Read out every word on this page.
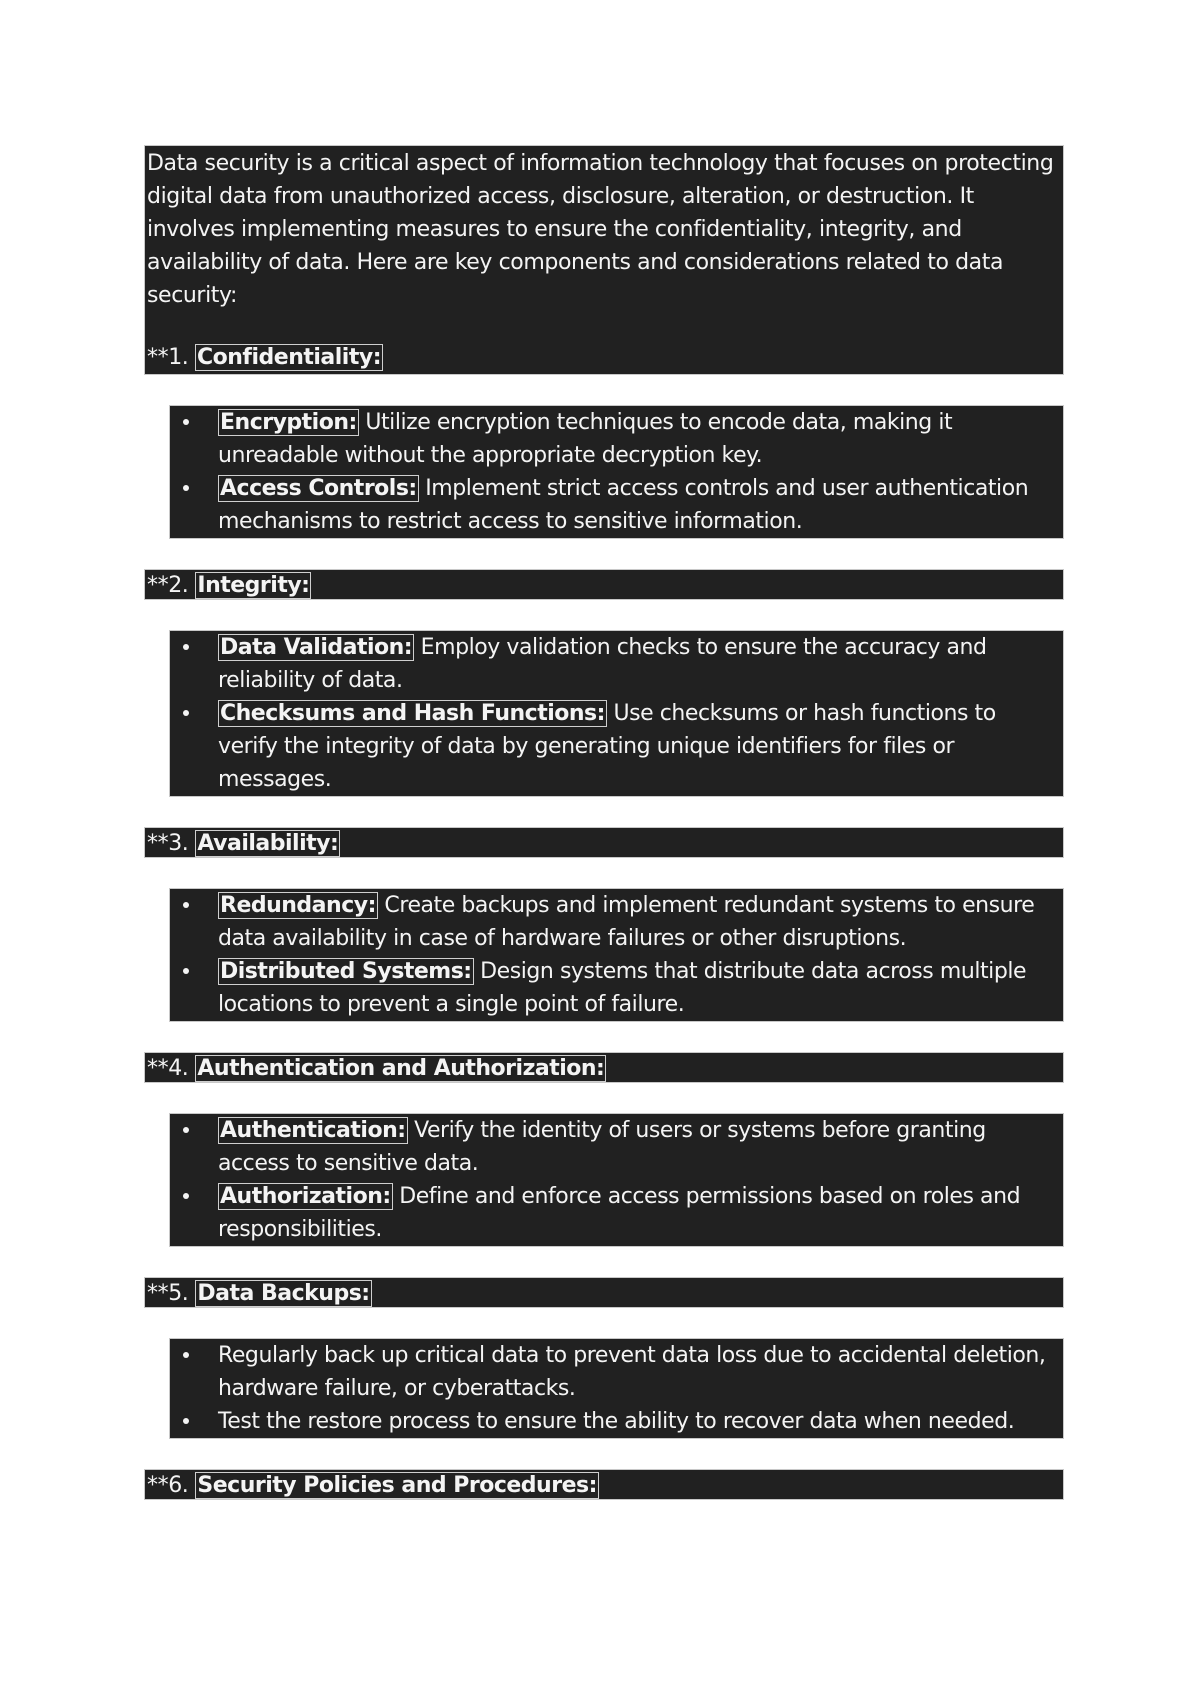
Data security is a critical aspect of information technology that focuses on protecting digital data from unauthorized access, disclosure, alteration, or destruction. It involves implementing measures to ensure the confidentiality, integrity, and availability of data. Here are key components and considerations related to data security:

**1. Confidentiality:

Encryption: Utilize encryption techniques to encode data, making it unreadable without the appropriate decryption key.
Access Controls: Implement strict access controls and user authentication mechanisms to restrict access to sensitive information.
**2. Integrity:
Data Validation: Employ validation checks to ensure the accuracy and reliability of data.
Checksums and Hash Functions: Use checksums or hash functions to verify the integrity of data by generating unique identifiers for files or messages.
**3. Availability:
Redundancy: Create backups and implement redundant systems to ensure data availability in case of hardware failures or other disruptions.
Distributed Systems: Design systems that distribute data across multiple locations to prevent a single point of failure.
**4. Authentication and Authorization:
Authentication: Verify the identity of users or systems before granting access to sensitive data.
Authorization: Define and enforce access permissions based on roles and responsibilities.
**5. Data Backups:
Regularly back up critical data to prevent data loss due to accidental deletion, hardware failure, or cyberattacks.
Test the restore process to ensure the ability to recover data when needed.
**6. Security Policies and Procedures:
